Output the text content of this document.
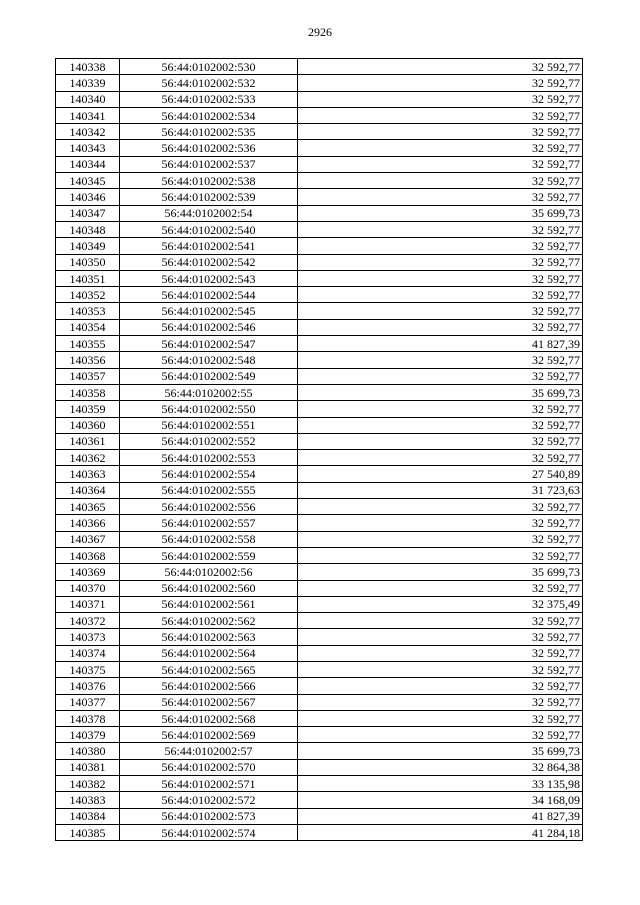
2926
140338	56:44:0102002:530	32 592,77
140339	56:44:0102002:532	32 592,77
140340	56:44:0102002:533	32 592,77
140341	56:44:0102002:534	32 592,77
140342	56:44:0102002:535	32 592,77
140343	56:44:0102002:536	32 592,77
140344	56:44:0102002:537	32 592,77
140345	56:44:0102002:538	32 592,77
140346	56:44:0102002:539	32 592,77
140347	56:44:0102002:54	35 699,73
140348	56:44:0102002:540	32 592,77
140349	56:44:0102002:541	32 592,77
140350	56:44:0102002:542	32 592,77
140351	56:44:0102002:543	32 592,77
140352	56:44:0102002:544	32 592,77
140353	56:44:0102002:545	32 592,77
140354	56:44:0102002:546	32 592,77
140355	56:44:0102002:547	41 827,39
140356	56:44:0102002:548	32 592,77
140357	56:44:0102002:549	32 592,77
140358	56:44:0102002:55	35 699,73
140359	56:44:0102002:550	32 592,77
140360	56:44:0102002:551	32 592,77
140361	56:44:0102002:552	32 592,77
140362	56:44:0102002:553	32 592,77
140363	56:44:0102002:554	27 540,89
140364	56:44:0102002:555	31 723,63
140365	56:44:0102002:556	32 592,77
140366	56:44:0102002:557	32 592,77
140367	56:44:0102002:558	32 592,77
140368	56:44:0102002:559	32 592,77
140369	56:44:0102002:56	35 699,73
140370	56:44:0102002:560	32 592,77
140371	56:44:0102002:561	32 375,49
140372	56:44:0102002:562	32 592,77
140373	56:44:0102002:563	32 592,77
140374	56:44:0102002:564	32 592,77
140375	56:44:0102002:565	32 592,77
140376	56:44:0102002:566	32 592,77
140377	56:44:0102002:567	32 592,77
140378	56:44:0102002:568	32 592,77
140379	56:44:0102002:569	32 592,77
140380	56:44:0102002:57	35 699,73
140381	56:44:0102002:570	32 864,38
140382	56:44:0102002:571	33 135,98
140383	56:44:0102002:572	34 168,09
140384	56:44:0102002:573	41 827,39
140385	56:44:0102002:574	41 284,18
